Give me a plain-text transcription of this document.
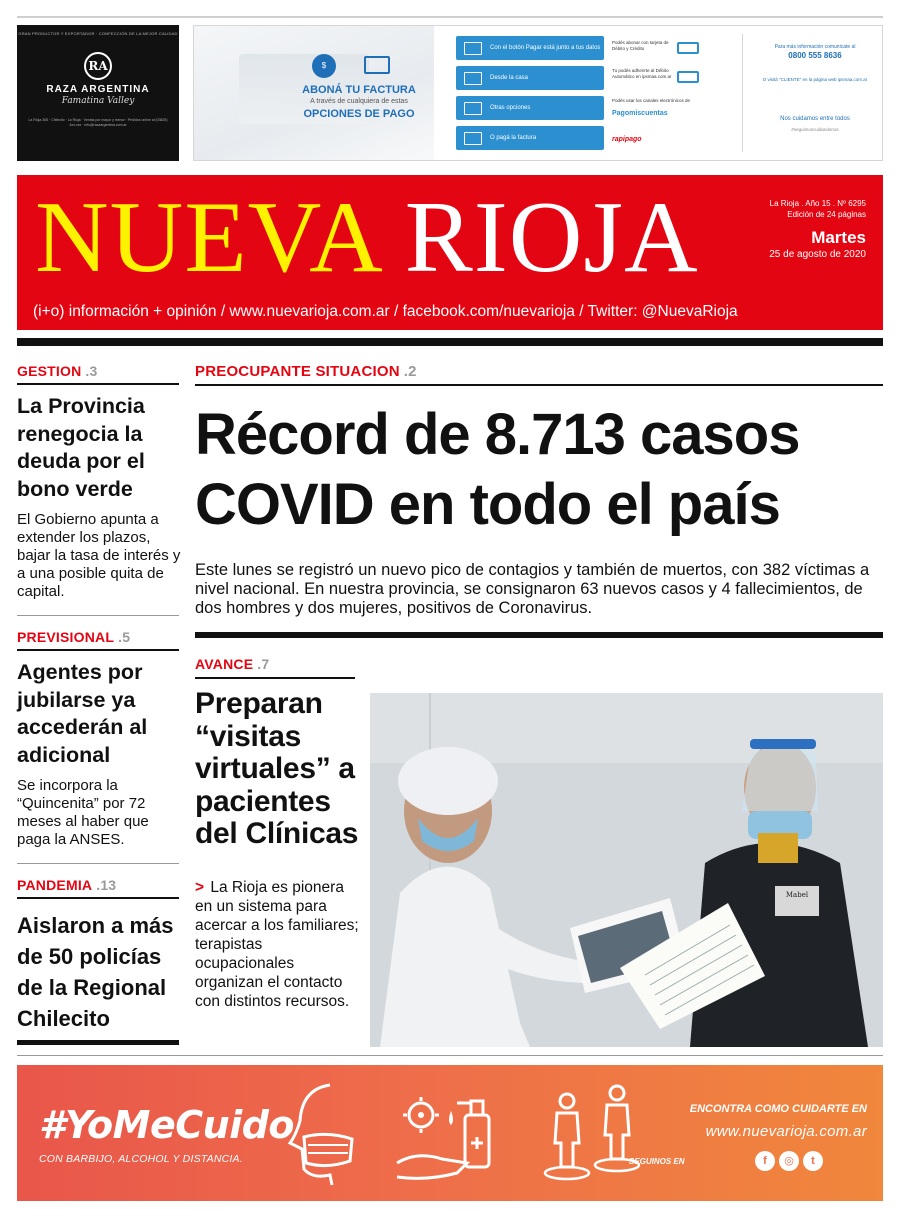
GRAN PRODUCTOR Y EXPORTADOR · CONFECCIÓN DE LA MEJOR CALIDAD
RA
RAZA ARGENTINA
Famatina Valley
La Rioja 365 · Chilecito · La Rioja · Ventas por mayor y menor · Pedidos online al (03825) 4xx-xxx · info@razaargentina.com.ar
$
ABONÁ TU FACTURA
A través de cualquiera de estas
OPCIONES DE PAGO
Con el botón Pagar está junto a tus datos
Desde la casa
Otras opciones
O pagá la factura
Podés abonar con tarjeta de Débito y Crédito
Tu podés adherirte al Débito Automático en ipsmaa.com.ar
Podés usar los canales electrónicos de
Pagomiscuentas
rapipago
Para más información comunicate al
0800 555 8636
O visitá "CLIENTE" en la página web ipsmaa.com.ar
Nos cuidamos entre todos
#seguimoscuidandonos
NUEVA RIOJA	La Rioja . Año 15 . Nº 6295
Edición de 24 páginas
Martes
25 de agosto de 2020
(i+o) información + opinión / www.nuevarioja.com.ar / facebook.com/nuevarioja / Twitter: @NuevaRioja
GESTION .3
La Provincia renegocia la deuda por el bono verde
El Gobierno apunta a extender los plazos, bajar la tasa de interés y a una posible quita de capital.
PREVISIONAL .5
Agentes por jubilarse ya accederán al adicional
Se incorpora la “Quincenita” por 72 meses al haber que paga la ANSES.
PANDEMIA .13
Aislaron a más de 50 policías de la Regional Chilecito
PREOCUPANTE SITUACION .2
Récord de 8.713 casos COVID en todo el país
Este lunes se registró un nuevo pico de contagios y también de muertos, con 382 víctimas a nivel nacional. En nuestra provincia, se consignaron 63 nuevos casos y 4 fallecimientos, de dos hombres y dos mujeres, positivos de Coronavirus.
AVANCE .7
Preparan “visitas virtuales” a pacientes del Clínicas
> La Rioja es pionera en un sistema para acercar a los familiares; terapistas ocupacionales organizan el contacto con distintos recursos.
Mabel
#YoMeCuido
CON BARBIJO, ALCOHOL Y DISTANCIA.
ENCONTRA COMO CUIDARTE EN
www.nuevarioja.com.ar
SEGUINOS EN	f	◎	t
